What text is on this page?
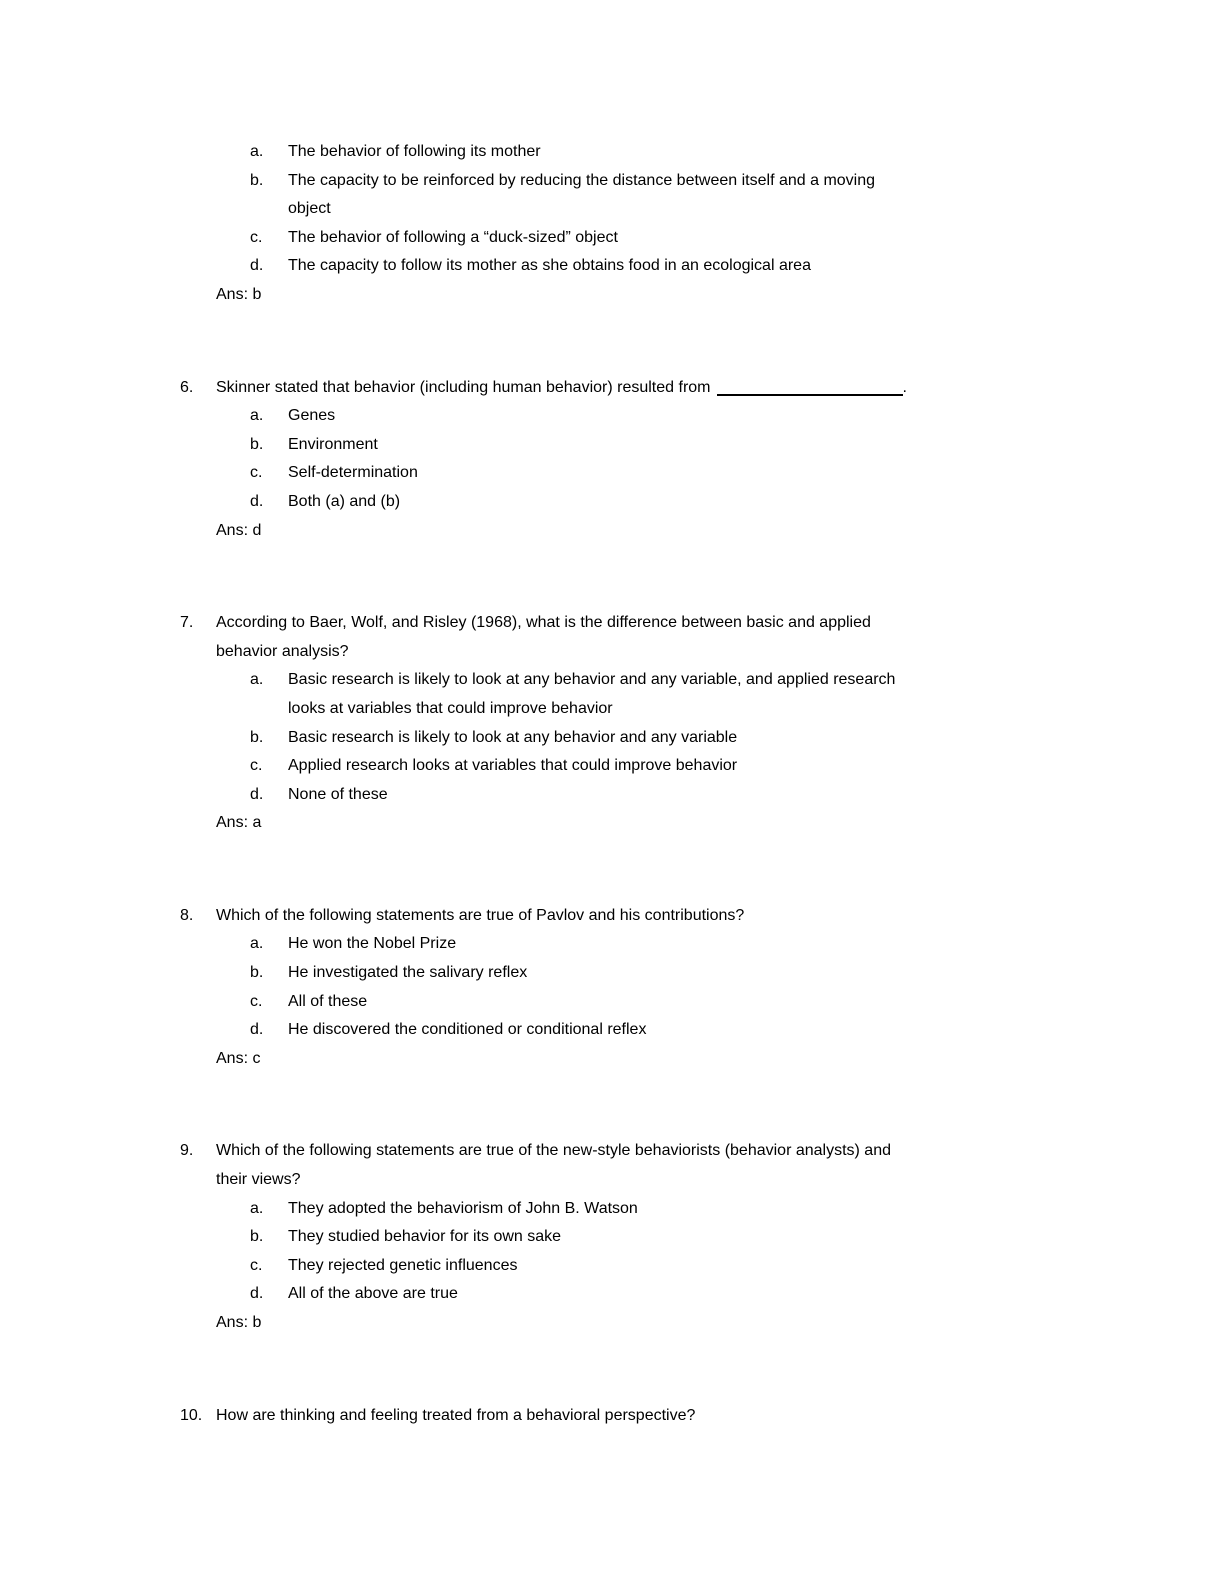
a. The behavior of following its mother
b. The capacity to be reinforced by reducing the distance between itself and a moving
object
c. The behavior of following a “duck-sized” object
d. The capacity to follow its mother as she obtains food in an ecological area
Ans: b
6. Skinner stated that behavior (including human behavior) resulted from	.
a. Genes
b. Environment
c. Self-determination
d. Both (a) and (b)
Ans: d
7. According to Baer, Wolf, and Risley (1968), what is the difference between basic and applied
behavior analysis?
a. Basic research is likely to look at any behavior and any variable, and applied research
looks at variables that could improve behavior
b. Basic research is likely to look at any behavior and any variable
c. Applied research looks at variables that could improve behavior
d. None of these
Ans: a
8. Which of the following statements are true of Pavlov and his contributions?
a. He won the Nobel Prize
b. He investigated the salivary reflex
c. All of these
d. He discovered the conditioned or conditional reflex
Ans: c
9. Which of the following statements are true of the new-style behaviorists (behavior analysts) and
their views?
a. They adopted the behaviorism of John B. Watson
b. They studied behavior for its own sake
c. They rejected genetic influences
d. All of the above are true
Ans: b
10. How are thinking and feeling treated from a behavioral perspective?
